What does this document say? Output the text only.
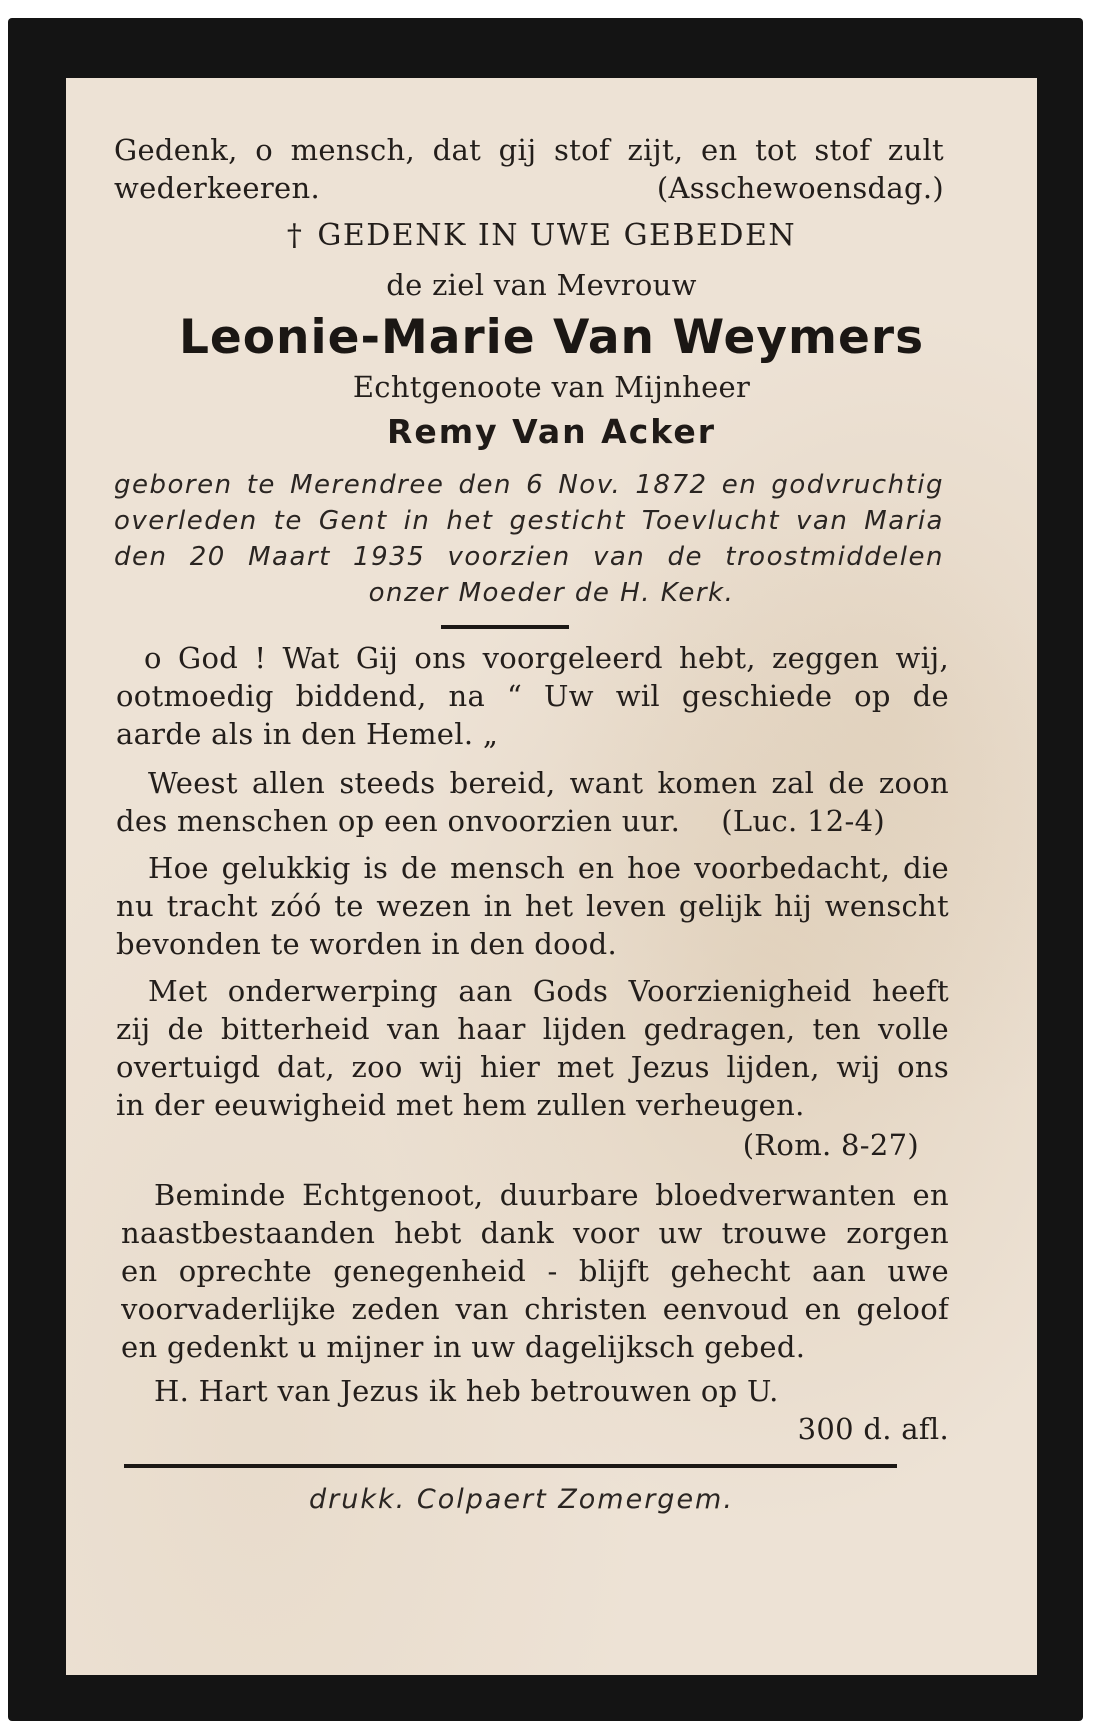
Gedenk, o mensch, dat gij stof zijt, en tot stof zult
wederkeeren.	(Asschewoensdag.)
† GEDENK IN UWE GEBEDEN
de ziel van Mevrouw
Leonie-Marie Van Weymers
Echtgenoote van Mijnheer
Remy Van Acker
geboren te Merendree den 6 Nov. 1872 en godvruchtig
overleden te Gent in het gesticht Toevlucht van Maria
den 20 Maart 1935 voorzien van de troostmiddelen
onzer Moeder de H. Kerk.
o God ! Wat Gij ons voorgeleerd hebt, zeggen wij,
ootmoedig biddend, na “ Uw wil geschiede op de
aarde als in den Hemel. „
Weest allen steeds bereid, want komen zal de zoon
des menschen op een onvoorzien uur. (Luc. 12-4)
Hoe gelukkig is de mensch en hoe voorbedacht, die
nu tracht zóó te wezen in het leven gelijk hij wenscht
bevonden te worden in den dood.
Met onderwerping aan Gods Voorzienigheid heeft
zij de bitterheid van haar lijden gedragen, ten volle
overtuigd dat, zoo wij hier met Jezus lijden, wij ons
in der eeuwigheid met hem zullen verheugen.
(Rom. 8-27)
Beminde Echtgenoot, duurbare bloedverwanten en
naastbestaanden hebt dank voor uw trouwe zorgen
en oprechte genegenheid - blijft gehecht aan uwe
voorvaderlijke zeden van christen eenvoud en geloof
en gedenkt u mijner in uw dagelijksch gebed.
H. Hart van Jezus ik heb betrouwen op U.
300 d. afl.
drukk. Colpaert Zomergem.
